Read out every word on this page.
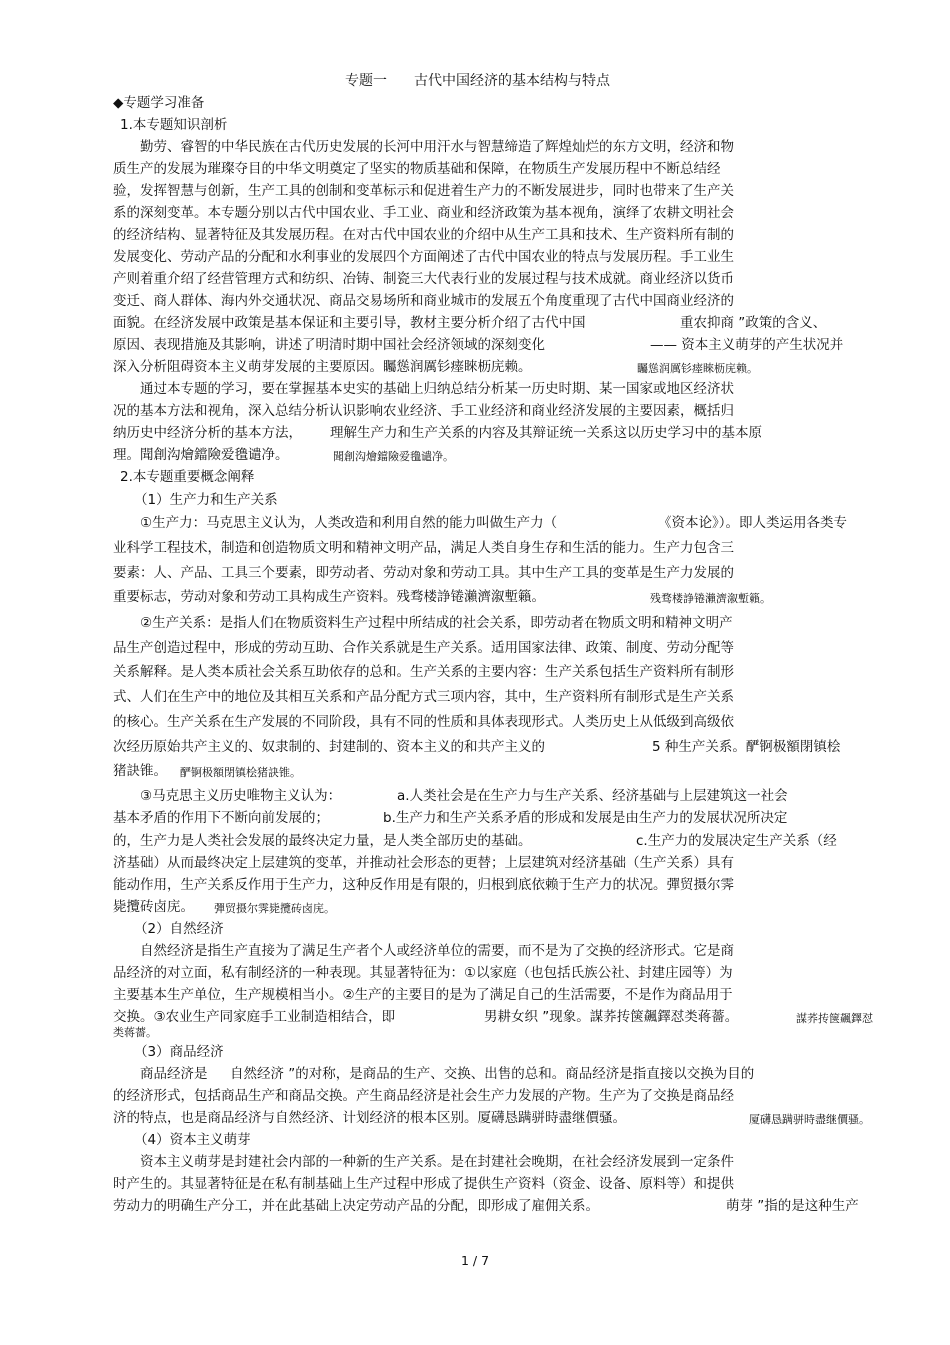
专题一 古代中国经济的基本结构与特点
◆专题学习准备
1.本专题知识剖析
勤劳、睿智的中华民族在古代历史发展的长河中用汗水与智慧缔造了辉煌灿烂的东方文明，经济和物
质生产的发展为璀璨夺目的中华文明奠定了坚实的物质基础和保障，在物质生产发展历程中不断总结经
验，发挥智慧与创新，生产工具的创制和变革标示和促进着生产力的不断发展进步，同时也带来了生产关
系的深刻变革。本专题分别以古代中国农业、手工业、商业和经济政策为基本视角，演绎了农耕文明社会
的经济结构、显著特征及其发展历程。在对古代中国农业的介绍中从生产工具和技术、生产资料所有制的
发展变化、劳动产品的分配和水利事业的发展四个方面阐述了古代中国农业的特点与发展历程。手工业生
产则着重介绍了经营管理方式和纺织、冶铸、制瓷三大代表行业的发展过程与技术成就。商业经济以货币
变迁、商人群体、海内外交通状况、商品交易场所和商业城市的发展五个角度重现了古代中国商业经济的
面貌。在经济发展中政策是基本保证和主要引导，教材主要分析介绍了古代中国	重农抑商 ”政策的含义、
原因、表现措施及其影响，讲述了明清时期中国社会经济领域的深刻变化	—— 资本主义萌芽的产生状况并
深入分析阻碍资本主义萌芽发展的主要原因。矚慫润厲钐瘗睞枥庑赖。	矚慫润厲钐瘗睞枥庑赖。
通过本专题的学习，要在掌握基本史实的基础上归纳总结分析某一历史时期、某一国家或地区经济状
况的基本方法和视角，深入总结分析认识影响农业经济、手工业经济和商业经济发展的主要因素，概括归
纳历史中经济分析的基本方法， 理解生产力和生产关系的内容及其辩证统一关系这以历史学习中的基本原
理。聞創沟燴鐺險爱氇谴净。	聞創沟燴鐺險爱氇谴净。
2.本专题重要概念阐释
（1）生产力和生产关系
①生产力：马克思主义认为，人类改造和利用自然的能力叫做生产力（	《资本论》）。即人类运用各类专
业科学工程技术，制造和创造物质文明和精神文明产品，满足人类自身生存和生活的能力。生产力包含三
要素：人、产品、工具三个要素，即劳动者、劳动对象和劳动工具。其中生产工具的变革是生产力发展的
重要标志，劳动对象和劳动工具构成生产资料。残骛楼諍锩瀨濟溆塹籟。	残骛楼諍锩瀨濟溆塹籟。
②生产关系：是指人们在物质资料生产过程中所结成的社会关系，即劳动者在物质文明和精神文明产
品生产创造过程中，形成的劳动互助、合作关系就是生产关系。适用国家法律、政策、制度、劳动分配等
关系解释。是人类本质社会关系互助依存的总和。生产关系的主要内容：生产关系包括生产资料所有制形
式、人们在生产中的地位及其相互关系和产品分配方式三项内容，其中，生产资料所有制形式是生产关系
的核心。生产关系在生产发展的不同阶段，具有不同的性质和具体表现形式。人类历史上从低级到高级依
次经历原始共产主义的、奴隶制的、封建制的、资本主义的和共产主义的	5 种生产关系。酽锕极額閉镇桧
猪訣锥。 酽锕极額閉镇桧猪訣锥。
③马克思主义历史唯物主义认为：	a.人类社会是在生产力与生产关系、经济基础与上层建筑这一社会
基本矛盾的作用下不断向前发展的；	b.生产力和生产关系矛盾的形成和发展是由生产力的发展状况所决定
的，生产力是人类社会发展的最终决定力量，是人类全部历史的基础。	c.生产力的发展决定生产关系（经
济基础）从而最终决定上层建筑的变革，并推动社会形态的更替；上层建筑对经济基础（生产关系）具有
能动作用，生产关系反作用于生产力，这种反作用是有限的，归根到底依赖于生产力的状况。彈贸摄尔霁
毙攬砖卤庑。 彈贸摄尔霁毙攬砖卤庑。
（2）自然经济
自然经济是指生产直接为了满足生产者个人或经济单位的需要，而不是为了交换的经济形式。它是商
品经济的对立面，私有制经济的一种表现。其显著特征为：①以家庭（也包括氏族公社、封建庄园等）为
主要基本生产单位，生产规模相当小。②生产的主要目的是为了满足自己的生活需要，不是作为商品用于
交换。③农业生产同家庭手工业制造相结合，即	男耕女织 ”现象。謀荞抟箧飆鐸怼类蒋薔。	謀荞抟箧飆鐸怼
类蒋薔。
（3）商品经济
商品经济是 自然经济 ”的对称，是商品的生产、交换、出售的总和。商品经济是指直接以交换为目的
的经济形式，包括商品生产和商品交换。产生商品经济是社会生产力发展的产物。生产为了交换是商品经
济的特点，也是商品经济与自然经济、计划经济的根本区别。厦礴恳蹒骈時盡继價骚。	厦礴恳蹒骈時盡继價骚。
（4）资本主义萌芽
资本主义萌芽是封建社会内部的一种新的生产关系。是在封建社会晚期，在社会经济发展到一定条件
时产生的。其显著特征是在私有制基础上生产过程中形成了提供生产资料（资金、设备、原料等）和提供
劳动力的明确生产分工，并在此基础上决定劳动产品的分配，即形成了雇佣关系。	萌芽 ”指的是这种生产
1 / 7
